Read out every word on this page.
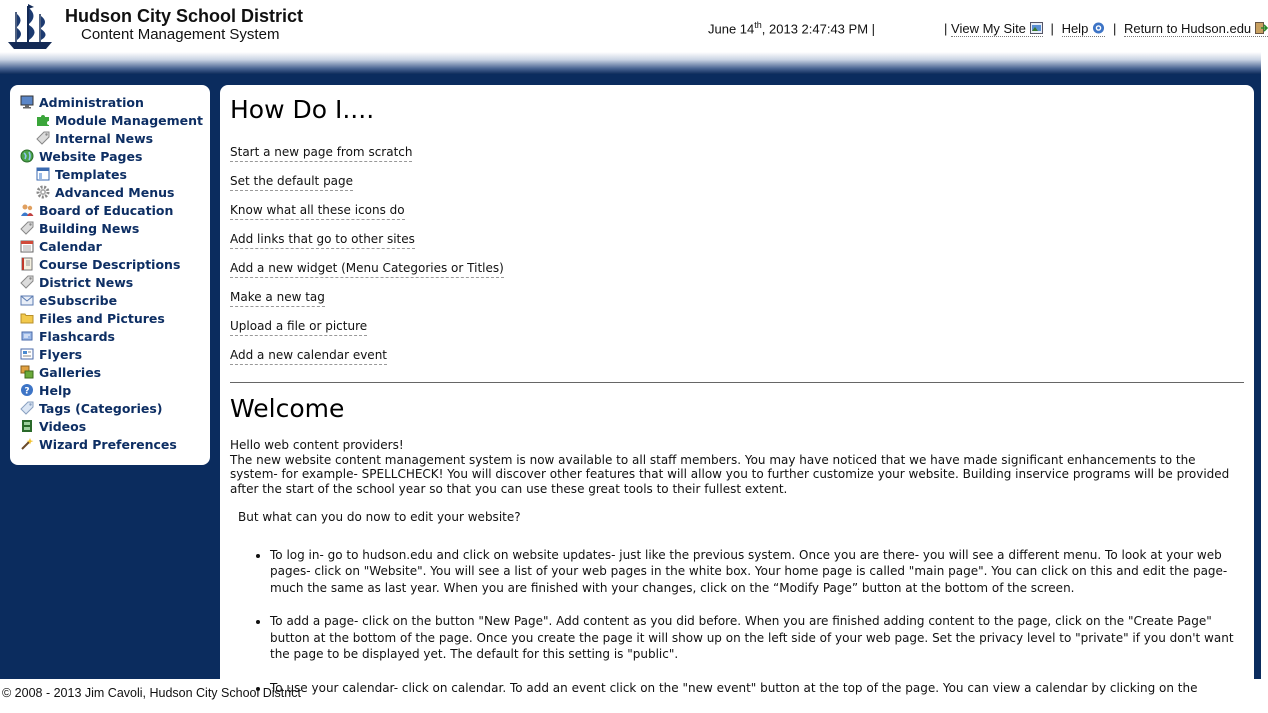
Hudson City School District
Content Management System	June 14th, 2013 2:47:43 PM |	| View My Site | Help | Return to Hudson.edu
Administration
Module Management
Internal News
Website Pages
Templates
Advanced Menus
Board of Education
Building News
Calendar
Course Descriptions
District News
eSubscribe
Files and Pictures
Flashcards
Flyers
Galleries
? Help
Tags (Categories)
Videos
Wizard Preferences
How Do I....
Start a new page from scratch
Set the default page
Know what all these icons do
Add links that go to other sites
Add a new widget (Menu Categories or Titles)
Make a new tag
Upload a file or picture
Add a new calendar event
Welcome

Hello web content providers!

The new website content management system is now available to all staff members. You may have noticed that we have made significant enhancements to the system- for example- SPELLCHECK! You will discover other features that will allow you to further customize your website. Building inservice programs will be provided after the start of the school year so that you can use these great tools to their fullest extent.

But what can you do now to edit your website?

• To log in- go to hudson.edu and click on website updates- just like the previous system. Once you are there- you will see a different menu. To look at your web pages- click on "Website". You will see a list of your web pages in the white box. Your home page is called "main page". You can click on this and edit the page- much the same as last year. When you are finished with your changes, click on the “Modify Page” button at the bottom of the screen.
• To add a page- click on the button "New Page". Add content as you did before. When you are finished adding content to the page, click on the "Create Page" button at the bottom of the page. Once you create the page it will show up on the left side of your web page. Set the privacy level to "private" if you don't want the page to be displayed yet. The default for this setting is "public".
• To use your calendar- click on calendar. To add an event click on the "new event" button at the top of the page. You can view a calendar by clicking on the
© 2008 - 2013 Jim Cavoli, Hudson City School District
